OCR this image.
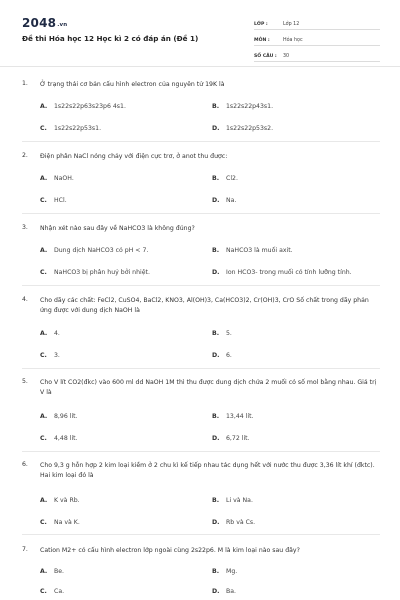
2048.vn
Đề thi Hóa học 12 Học kì 2 có đáp án (Đề 1)
LỚP :	Lớp 12
MÔN :	Hóa học
SỐ CÂU :	30
1. Ở trạng thái cơ bản cấu hình electron của nguyên tử 19K là
A. 1s22s22p63s23p6 4s1.	B. 1s22s22p43s1.
C. 1s22s22p53s1.	D. 1s22s22p53s2.
2. Điện phân NaCl nóng chảy với điện cực trơ, ở anot thu được:
A. NaOH.	B. Cl2.
C. HCl.	D. Na.
3. Nhận xét nào sau đây về NaHCO3 là không đúng?
A. Dung dịch NaHCO3 có pH < 7.	B. NaHCO3 là muối axit.
C. NaHCO3 bị phân huỷ bởi nhiệt.	D. Ion HCO3- trong muối có tính lưỡng tính.
4. Cho dãy các chất: FeCl2, CuSO4, BaCl2, KNO3, Al(OH)3, Ca(HCO3)2, Cr(OH)3, CrO Số chất trong dãy phản ứng được với dung dịch NaOH là
A. 4.	B. 5.
C. 3.	D. 6.
5. Cho V lít CO2(đkc) vào 600 ml dd NaOH 1M thì thu được dung dịch chứa 2 muối có số mol bằng nhau. Giá trị V là
A. 8,96 lít.	B. 13,44 lít.
C. 4,48 lít.	D. 6,72 lít.
6. Cho 9,3 g hỗn hợp 2 kim loại kiềm ở 2 chu kì kế tiếp nhau tác dụng hết với nước thu được 3,36 lít khí (đktc). Hai kim loại đó là
A. K và Rb.	B. Li và Na.
C. Na và K.	D. Rb và Cs.
7. Cation M2+ có cấu hình electron lớp ngoài cùng 2s22p6. M là kim loại nào sau đây?
A. Be.	B. Mg.
C. Ca.	D. Ba.
